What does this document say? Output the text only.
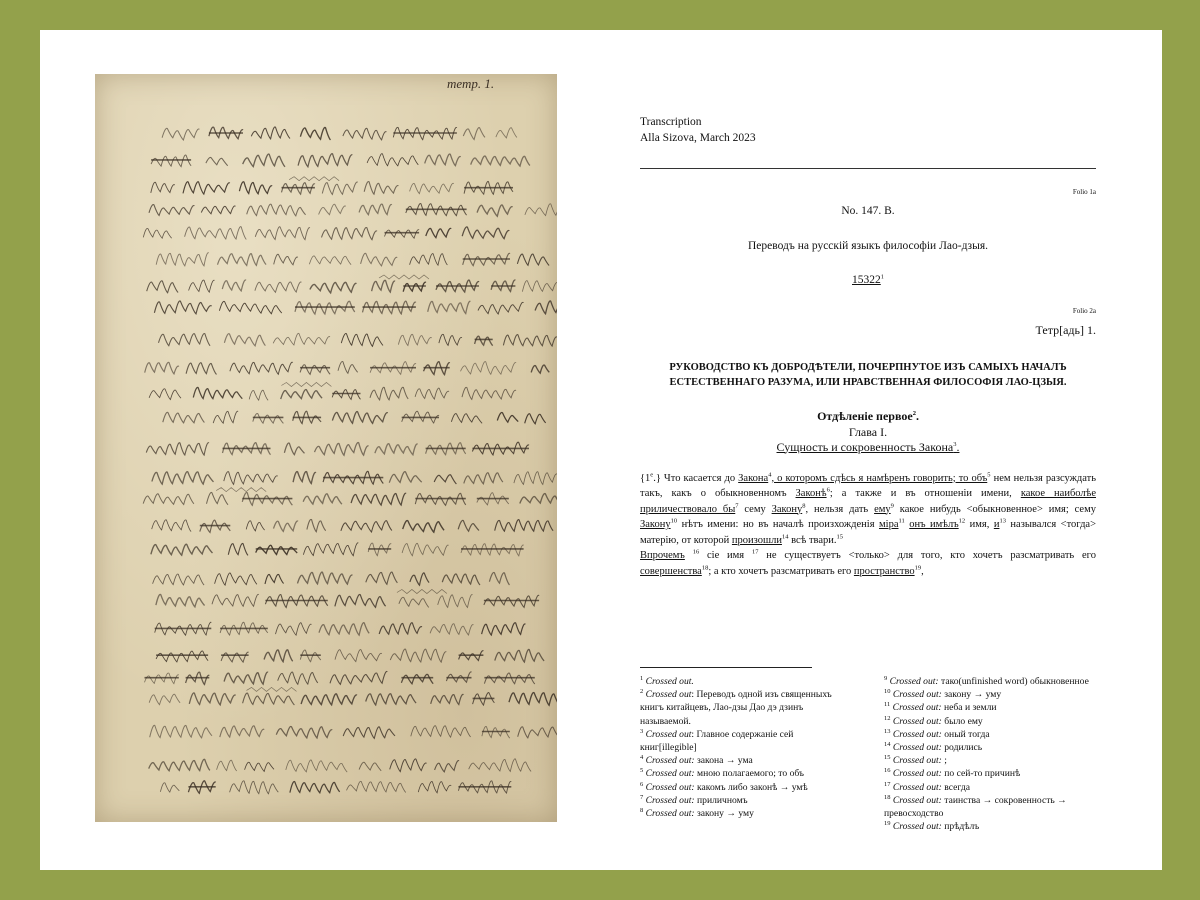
тетр. 1.
Transcription
Alla Sizova, March 2023
Folio 1a
No. 147. B.
Переводъ на русскiй языкъ философiи Лао-дзыя.
15322$^1$
Folio 2a
Тетр[адь] 1.
РУКОВОДСТВО КЪ ДОБРОДѢТЕЛИ, ПОЧЕРПНУТОЕ ИЗЪ САМЫХЪ НАЧАЛЪ
ЕСТЕСТВЕННАГО РАЗУМА, ИЛИ НРАВСТВЕННАЯ ФИЛОСОФIЯ ЛАО-ЦЗЫЯ.
Отдѣленiе первое$^2$.
Глава I.
Сущность и сокровенность Закона$^3$.

{1e.} Что касается до Закона$^4$, о которомъ сдѣсь я намѣренъ говорить; то объ$^5$ нем нельзя разсуждать такъ, какъ о обыкновенномъ Законѣ$^6$; а также и въ отношенiи имени, какое наиболѣе приличествовало $бы^7$ сему Закону$^8$, нельзя дать ему$^9$ какое нибудь <обыкновенное> имя; сему Закону$^{10}$ нѣтъ имени: но въ началѣ произхожденiя мiра$^{11}$ онъ имѣлъ$^{12}$ имя, $и^{13}$ назывался <тогда> матерiю, от которой произошли$^{14}$ всѣ твари.$^{15}$

Впрочемъ $^{16}$ сiе имя $^{17}$ не существуетъ <только> для того, кто хочетъ разсматривать его совершенства$^{18}$; а кто хочетъ разсматривать его пространство$^{19}$,

$^1$ Crossed out.

$^2$ Crossed out: Переводъ одной изъ священныхъ книгъ китайцевъ, Лао-дзы Дао дэ дзинъ называемой.

$^3$ Crossed out: Главное содержанiе сей книг[illegible]

$^4$ Crossed out: закона → ума

$^5$ Crossed out: мною полагаемого; то объ

$^6$ Crossed out: какомъ либо законѣ → умѣ

$^7$ Crossed out: приличномъ

$^8$ Crossed out: закону → уму

$^9$ Crossed out: тако(unfinished word) обыкновенное

$^{10}$ Crossed out: закону → уму

$^{11}$ Crossed out: неба и земли

$^{12}$ Crossed out: было ему

$^{13}$ Crossed out: оный тогда

$^{14}$ Crossed out: родились

$^{15}$ Crossed out: ;

$^{16}$ Crossed out: по сей-то причинѣ

$^{17}$ Crossed out: всегда

$^{18}$ Crossed out: таинства → сокровенность → превосходство

$^{19}$ Crossed out: прѣдѣлъ
